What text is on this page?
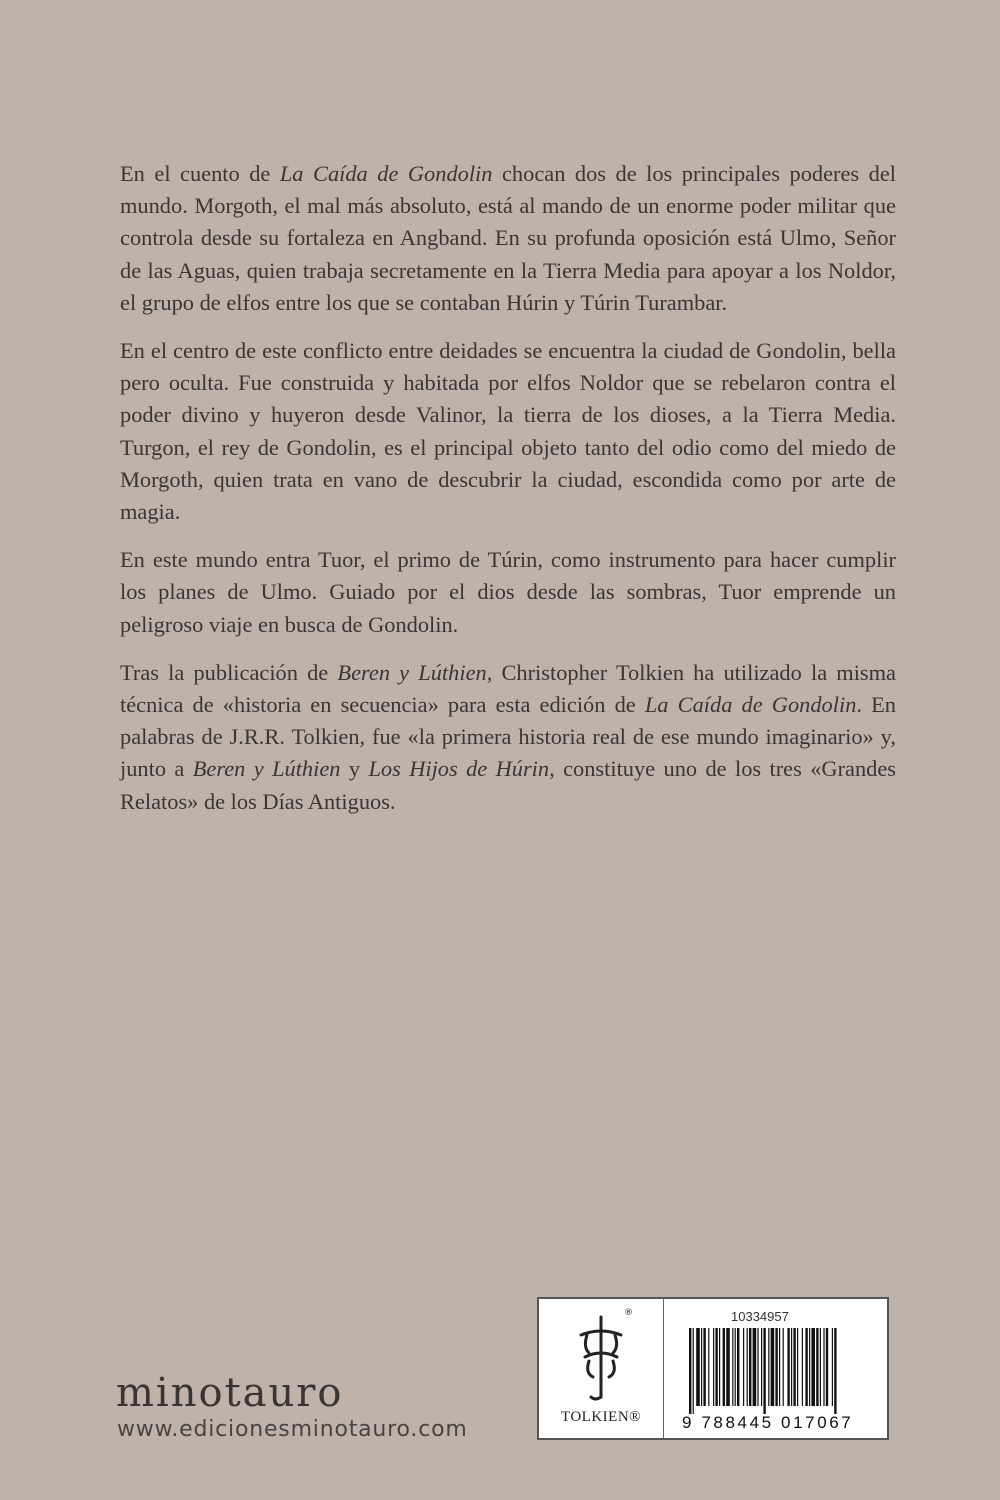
En el cuento de La Caída de Gondolin chocan dos de los principales poderes del mundo. Morgoth, el mal más absoluto, está al mando de un enorme poder militar que controla desde su fortaleza en Angband. En su profunda oposición está Ulmo, Señor de las Aguas, quien trabaja secretamente en la Tierra Media para apoyar a los Noldor, el grupo de elfos entre los que se contaban Húrin y Túrin Turambar.

En el centro de este conflicto entre deidades se encuentra la ciudad de Gondolin, bella pero oculta. Fue construida y habitada por elfos Noldor que se rebelaron contra el poder divino y huyeron desde Valinor, la tierra de los dioses, a la Tierra Media. Turgon, el rey de Gondolin, es el principal objeto tanto del odio como del miedo de Morgoth, quien trata en vano de descubrir la ciudad, escondida como por arte de magia.

En este mundo entra Tuor, el primo de Túrin, como instrumento para hacer cumplir los planes de Ulmo. Guiado por el dios desde las sombras, Tuor emprende un peligroso viaje en busca de Gondolin.

Tras la publicación de Beren y Lúthien, Christopher Tolkien ha utilizado la misma técnica de «historia en secuencia» para esta edición de La Caída de Gondolin. En palabras de J.R.R. Tolkien, fue «la primera historia real de ese mundo imaginario» y, junto a Beren y Lúthien y Los Hijos de Húrin, constituye uno de los tres «Grandes Relatos» de los Días Antiguos.

minotauro
www.edicionesminotauro.com
®
TOLKIEN®
10334957
9 788445 017067
